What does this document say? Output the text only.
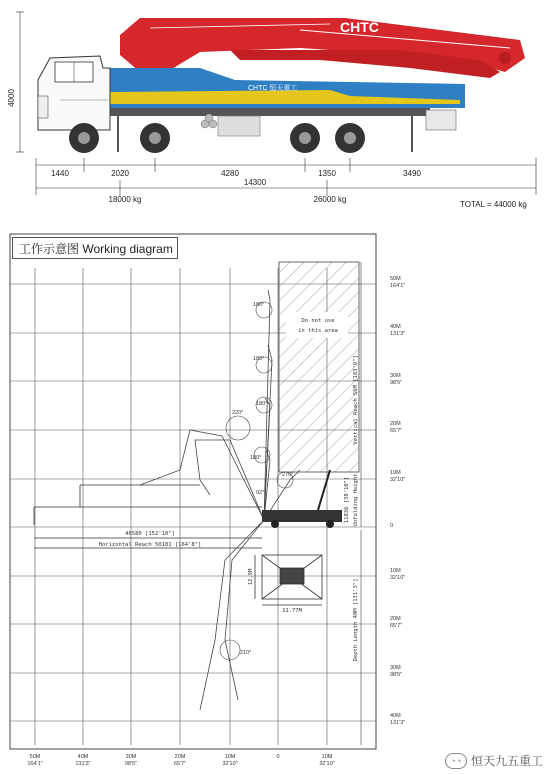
4000
CHTC
CHTC 恒天重工
1440	2020	4280	1350	3490
14300
18000 kg	26000 kg
TOTAL = 44000 kg
Do not use
in this area
Vertical Reach 56M [183'9"]
Unfolding Height
11836 [38'10"]
Depth Length 40M [131'3"]
46580 [152'10"]
Horizontal Reach 50181 [164'8"]
180°
180°
180°
220°
180°
270°
92°
210°
11.77M
12.9M
50M
164'1"
40M
131'3"
30M
98'5"
20M
65'7"
10M
32'10"
0
10M
32'10"
20M
65'7"
30M
98'5"
40M
131'3"
50M
164'1"
40M
131'3"
30M
98'5"
20M
65'7"
10M
32'10"
0	10M
32'10"
工作示意图 Working diagram
◔◔ 恒天九五重工
